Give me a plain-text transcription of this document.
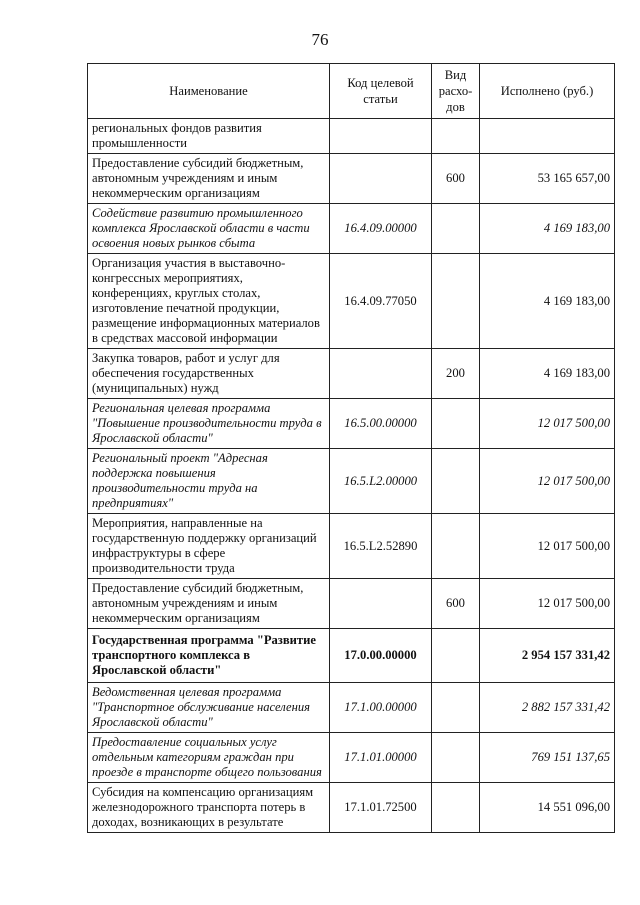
76
Наименование	Код целевой статьи	Вид расхо-дов	Исполнено (руб.)
региональных фондов развития промышленности			
Предоставление субсидий бюджетным, автономным учреждениям и иным некоммерческим организациям		600	53 165 657,00
Содействие развитию промышленного комплекса Ярославской области в части освоения новых рынков сбыта	16.4.09.00000		4 169 183,00
Организация участия в выставочно-конгрессных мероприятиях, конференциях, круглых столах, изготовление печатной продукции, размещение информационных материалов в средствах массовой информации	16.4.09.77050		4 169 183,00
Закупка товаров, работ и услуг для обеспечения государственных (муниципальных) нужд		200	4 169 183,00
Региональная целевая программа "Повышение производительности труда в Ярославской области"	16.5.00.00000		12 017 500,00
Региональный проект "Адресная поддержка повышения производительности труда на предприятиях"	16.5.L2.00000		12 017 500,00
Мероприятия, направленные на государственную поддержку организаций инфраструктуры в сфере производительности труда	16.5.L2.52890		12 017 500,00
Предоставление субсидий бюджетным, автономным учреждениям и иным некоммерческим организациям		600	12 017 500,00
Государственная программа "Развитие транспортного комплекса в Ярославской области"	17.0.00.00000		2 954 157 331,42
Ведомственная целевая программа "Транспортное обслуживание населения Ярославской области"	17.1.00.00000		2 882 157 331,42
Предоставление социальных услуг отдельным категориям граждан при проезде в транспорте общего пользования	17.1.01.00000		769 151 137,65
Субсидия на компенсацию организациям железнодорожного транспорта потерь в доходах, возникающих в результате	17.1.01.72500		14 551 096,00
